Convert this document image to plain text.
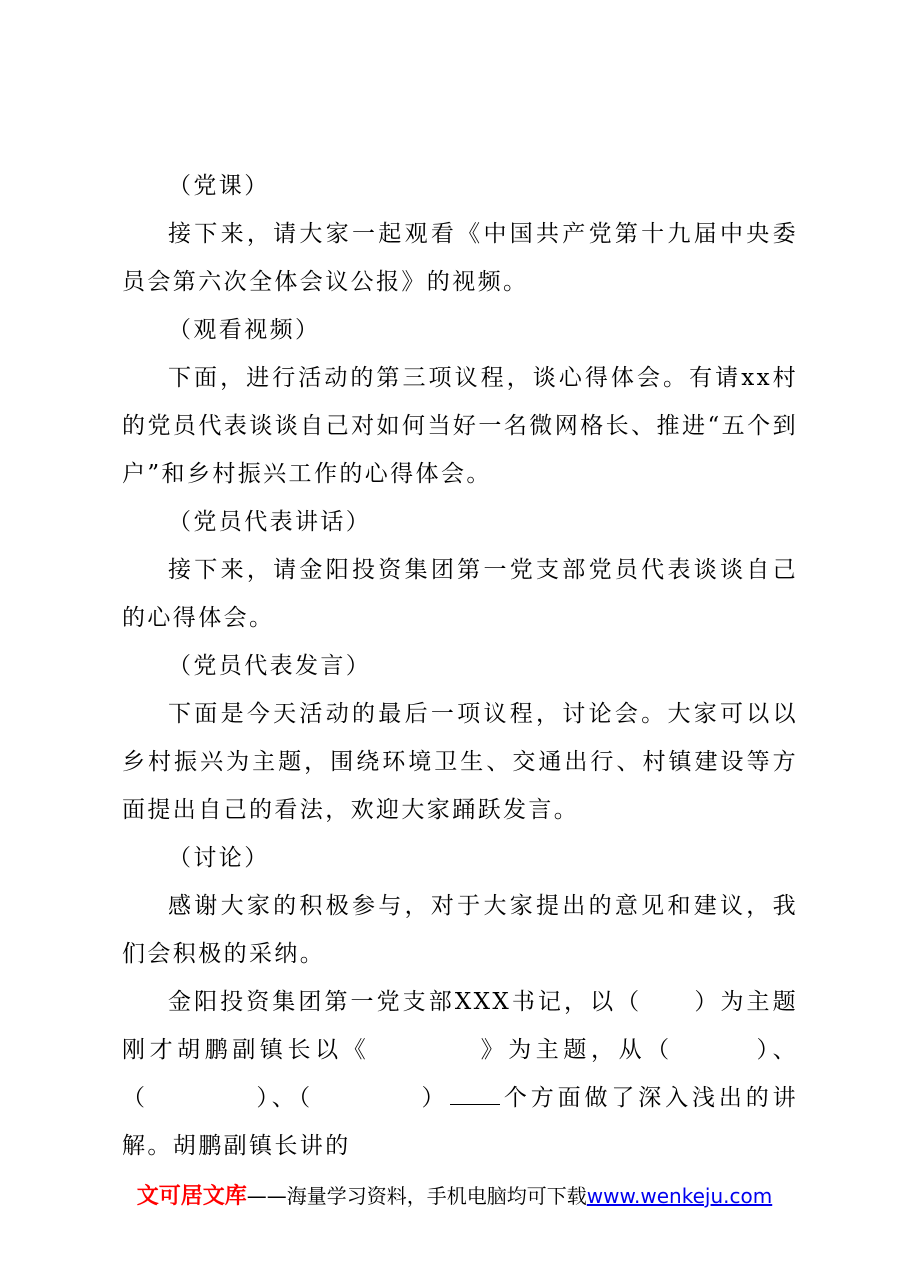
（党课）

接下来，请大家一起观看《中国共产党第十九届中央委员会第六次全体会议公报》的视频。

（观看视频）

下面，进行活动的第三项议程，谈心得体会。有请xx村的党员代表谈谈自己对如何当好一名微网格长、推进“五个到户”和乡村振兴工作的心得体会。

（党员代表讲话）

接下来，请金阳投资集团第一党支部党员代表谈谈自己的心得体会。

（党员代表发言）

下面是今天活动的最后一项议程，讨论会。大家可以以乡村振兴为主题，围绕环境卫生、交通出行、村镇建设等方面提出自己的看法，欢迎大家踊跃发言。

（讨论）

感谢大家的积极参与，对于大家提出的意见和建议，我们会积极的采纳。

金阳投资集团第一党支部XXX书记，以（　　）为主题刚才胡鹏副镇长以《　　　　》为主题，从（　　　）、（　　　　）、（　　　　） 个方面做了深入浅出的讲解。胡鹏副镇长讲的

文可居文库——海量学习资料，手机电脑均可下载www.wenkeju.com
